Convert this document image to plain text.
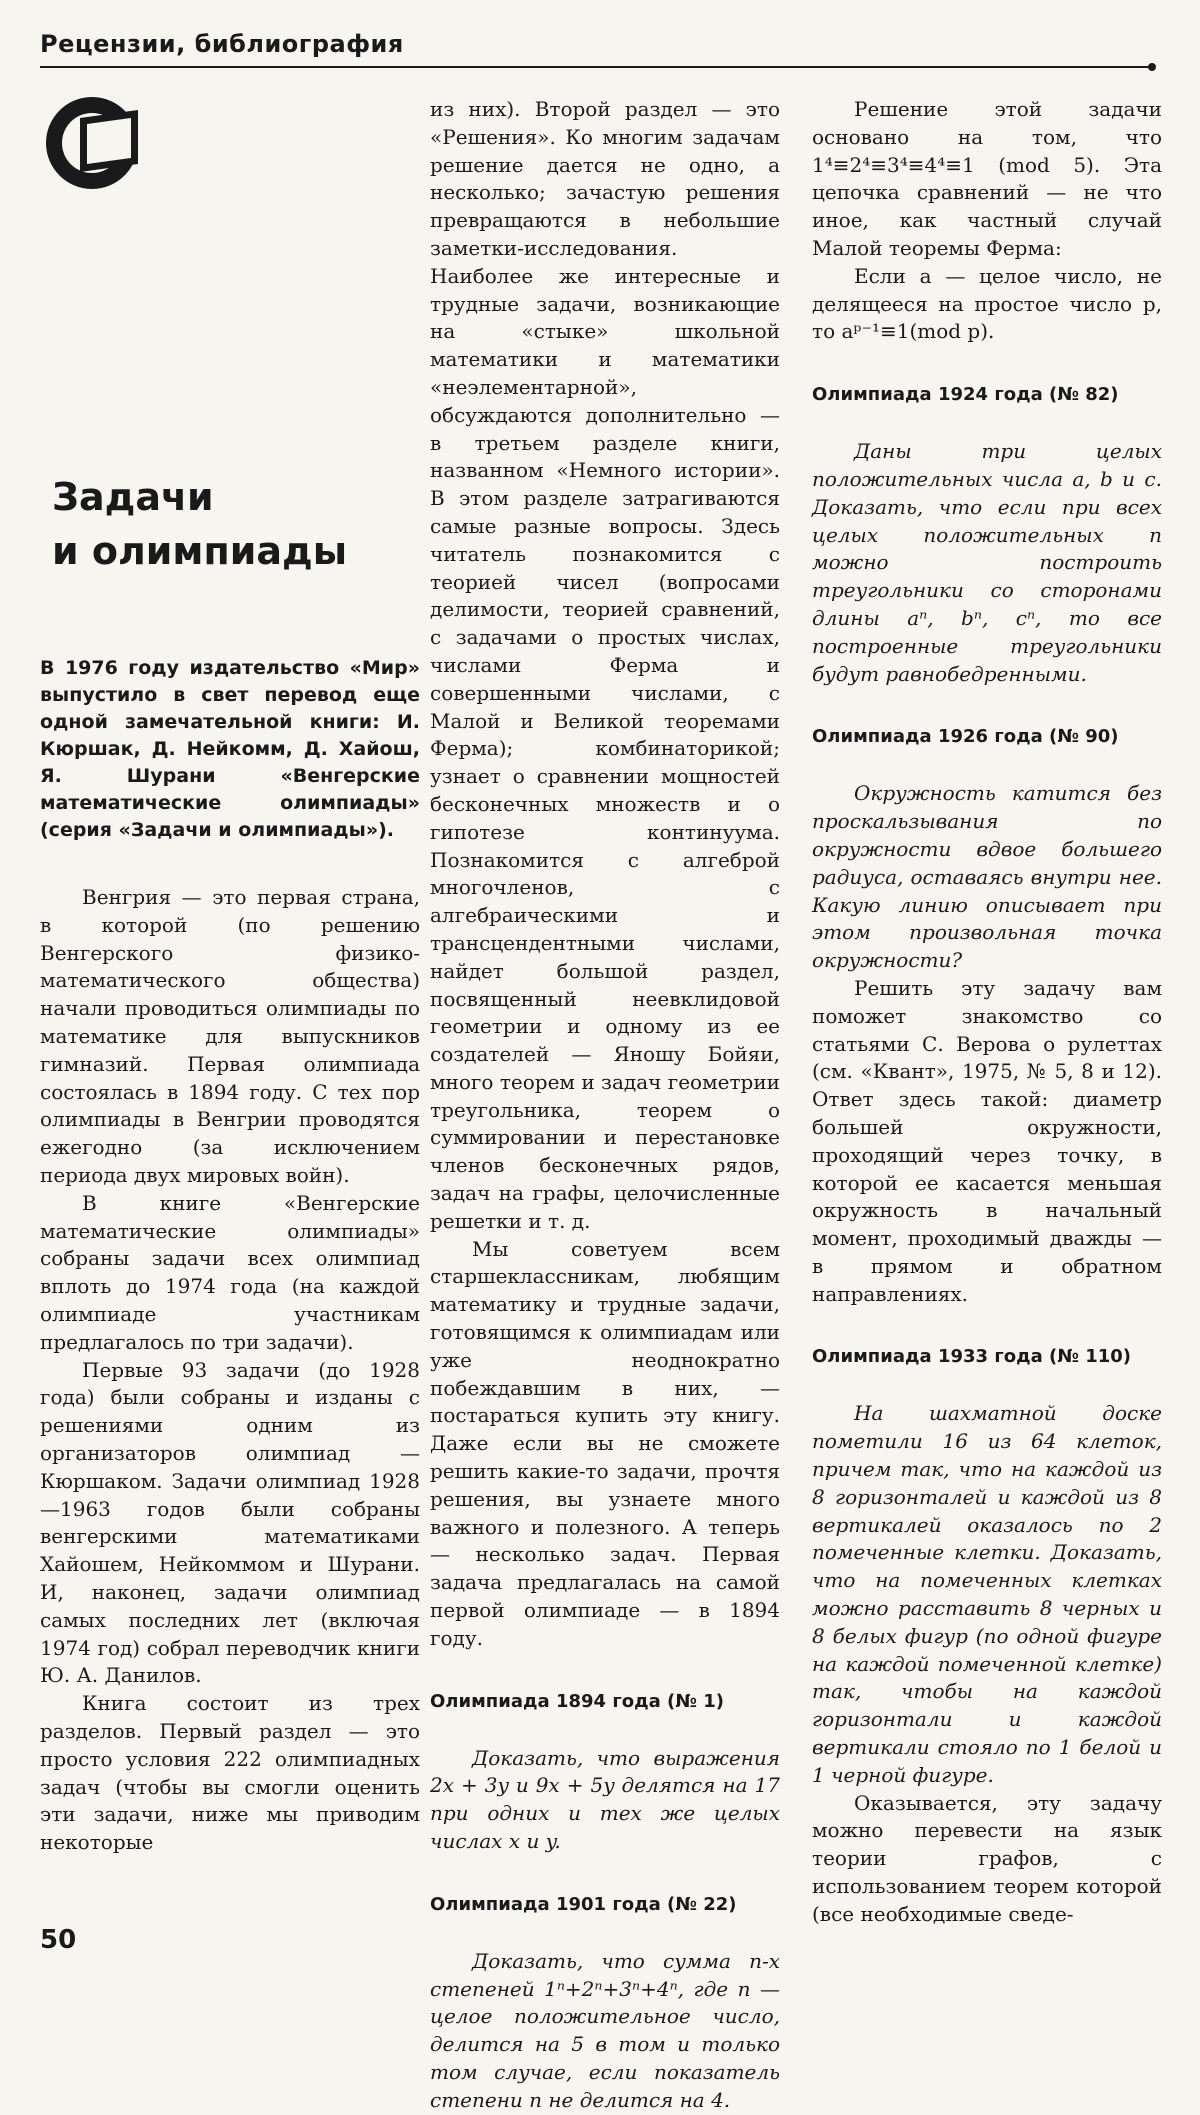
Рецензии, библиография
Задачи
и олимпиады
В 1976 году издательство «Мир» выпустило в свет перевод еще одной замечательной книги: И. Кюршак, Д. Нейкомм, Д. Хайош, Я. Шурани «Венгерские математические олимпиады» (серия «Задачи и олимпиады»).

Венгрия — это первая страна, в которой (по решению Венгерского физико-математического общества) начали проводиться олимпиады по математике для выпускников гимназий. Первая олимпиада состоялась в 1894 году. С тех пор олимпиады в Венгрии проводятся ежегодно (за исключением периода двух мировых войн).

В книге «Венгерские математические олимпиады» собраны задачи всех олимпиад вплоть до 1974 года (на каждой олимпиаде участникам предлагалось по три задачи).

Первые 93 задачи (до 1928 года) были собраны и изданы с решениями одним из организаторов олимпиад — Кюршаком. Задачи олимпиад 1928—1963 годов были собраны венгерскими математиками Хайошем, Нейкоммом и Шурани. И, наконец, задачи олимпиад самых последних лет (включая 1974 год) собрал переводчик книги Ю. А. Данилов.

Книга состоит из трех разделов. Первый раздел — это просто условия 222 олимпиадных задач (чтобы вы смогли оценить эти задачи, ниже мы приводим некоторые

из них). Второй раздел — это «Решения». Ко многим задачам решение дается не одно, а несколько; зачастую решения превращаются в небольшие заметки-исследования. Наиболее же интересные и трудные задачи, возникающие на «стыке» школьной математики и математики «неэлементарной», обсуждаются дополнительно — в третьем разделе книги, названном «Немного истории». В этом разделе затрагиваются самые разные вопросы. Здесь читатель познакомится с теорией чисел (вопросами делимости, теорией сравнений, с задачами о простых числах, числами Ферма и совершенными числами, с Малой и Великой теоремами Ферма); комбинаторикой; узнает о сравнении мощностей бесконечных множеств и о гипотезе континуума. Познакомится с алгеброй многочленов, с алгебраическими и трансцендентными числами, найдет большой раздел, посвященный неевклидовой геометрии и одному из ее создателей — Яношу Бойяи, много теорем и задач геометрии треугольника, теорем о суммировании и перестановке членов бесконечных рядов, задач на графы, целочисленные решетки и т. д.

Мы советуем всем старшеклассникам, любящим математику и трудные задачи, готовящимся к олимпиадам или уже неоднократно побеждавшим в них, — постараться купить эту книгу. Даже если вы не сможете решить какие-то задачи, прочтя решения, вы узнаете много важного и полезного. А теперь — несколько задач. Первая задача предлагалась на самой первой олимпиаде — в 1894 году.

Олимпиада 1894 года (№ 1)

Доказать, что выражения 2x + 3y и 9x + 5y делятся на 17 при одних и тех же целых числах x и y.

Олимпиада 1901 года (№ 22)

Доказать, что сумма n-х степеней 1ⁿ+2ⁿ+3ⁿ+4ⁿ, где n — целое положительное число, делится на 5 в том и только том случае, если показатель степени n не делится на 4.

Решение этой задачи основано на том, что 1⁴≡2⁴≡3⁴≡4⁴≡1 (mod 5). Эта цепочка сравнений — не что иное, как частный случай Малой теоремы Ферма:

Если a — целое число, не делящееся на простое число p, то aᵖ⁻¹≡1(mod p).

Олимпиада 1924 года (№ 82)

Даны три целых положительных числа a, b и c. Доказать, что если при всех целых положительных n можно построить треугольники со сторонами длины aⁿ, bⁿ, cⁿ, то все построенные треугольники будут равнобедренными.

Олимпиада 1926 года (№ 90)

Окружность катится без проскальзывания по окружности вдвое большего радиуса, оставаясь внутри нее. Какую линию описывает при этом произвольная точка окружности?

Решить эту задачу вам поможет знакомство со статьями С. Верова о рулеттах (см. «Квант», 1975, № 5, 8 и 12). Ответ здесь такой: диаметр большей окружности, проходящий через точку, в которой ее касается меньшая окружность в начальный момент, проходимый дважды — в прямом и обратном направлениях.

Олимпиада 1933 года (№ 110)

На шахматной доске пометили 16 из 64 клеток, причем так, что на каждой из 8 горизонталей и каждой из 8 вертикалей оказалось по 2 помеченные клетки. Доказать, что на помеченных клетках можно расставить 8 черных и 8 белых фигур (по одной фигуре на каждой помеченной клетке) так, чтобы на каждой горизонтали и каждой вертикали стояло по 1 белой и 1 черной фигуре.

Оказывается, эту задачу можно перевести на язык теории графов, с использованием теорем которой (все необходимые сведе-

50
